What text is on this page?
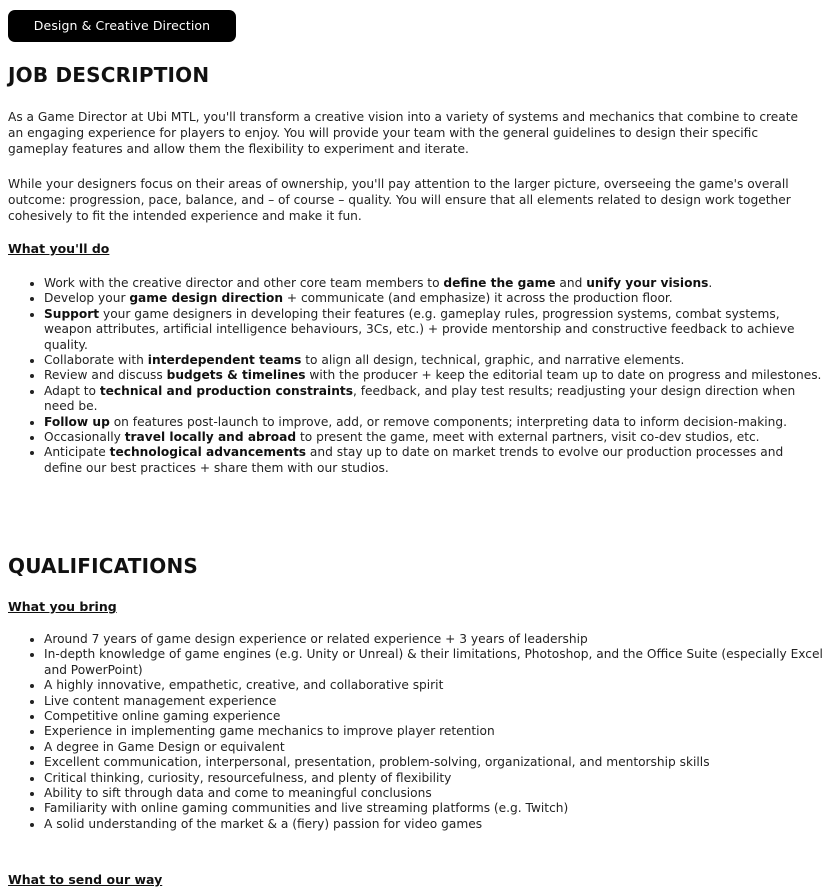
Design & Creative Direction
JOB DESCRIPTION

As a Game Director at Ubi MTL, you'll transform a creative vision into a variety of systems and mechanics that combine to create an engaging experience for players to enjoy. You will provide your team with the general guidelines to design their specific gameplay features and allow them the flexibility to experiment and iterate.

While your designers focus on their areas of ownership, you'll pay attention to the larger picture, overseeing the game's overall outcome: progression, pace, balance, and – of course – quality. You will ensure that all elements related to design work together cohesively to fit the intended experience and make it fun.

What you'll do
• Work with the creative director and other core team members to define the game and unify your visions.
• Develop your game design direction + communicate (and emphasize) it across the production floor.
• Support your game designers in developing their features (e.g. gameplay rules, progression systems, combat systems, weapon attributes, artificial intelligence behaviours, 3Cs, etc.) + provide mentorship and constructive feedback to achieve quality.
• Collaborate with interdependent teams to align all design, technical, graphic, and narrative elements.
• Review and discuss budgets & timelines with the producer + keep the editorial team up to date on progress and milestones.
• Adapt to technical and production constraints, feedback, and play test results; readjusting your design direction when need be.
• Follow up on features post-launch to improve, add, or remove components; interpreting data to inform decision-making.
• Occasionally travel locally and abroad to present the game, meet with external partners, visit co-dev studios, etc.
• Anticipate technological advancements and stay up to date on market trends to evolve our production processes and define our best practices + share them with our studios.
QUALIFICATIONS
What you bring
• Around 7 years of game design experience or related experience + 3 years of leadership
• In-depth knowledge of game engines (e.g. Unity or Unreal) & their limitations, Photoshop, and the Office Suite (especially Excel and PowerPoint)
• A highly innovative, empathetic, creative, and collaborative spirit
• Live content management experience
• Competitive online gaming experience
• Experience in implementing game mechanics to improve player retention
• A degree in Game Design or equivalent
• Excellent communication, interpersonal, presentation, problem-solving, organizational, and mentorship skills
• Critical thinking, curiosity, resourcefulness, and plenty of flexibility
• Ability to sift through data and come to meaningful conclusions
• Familiarity with online gaming communities and live streaming platforms (e.g. Twitch)
• A solid understanding of the market & a (fiery) passion for video games
What to send our way
